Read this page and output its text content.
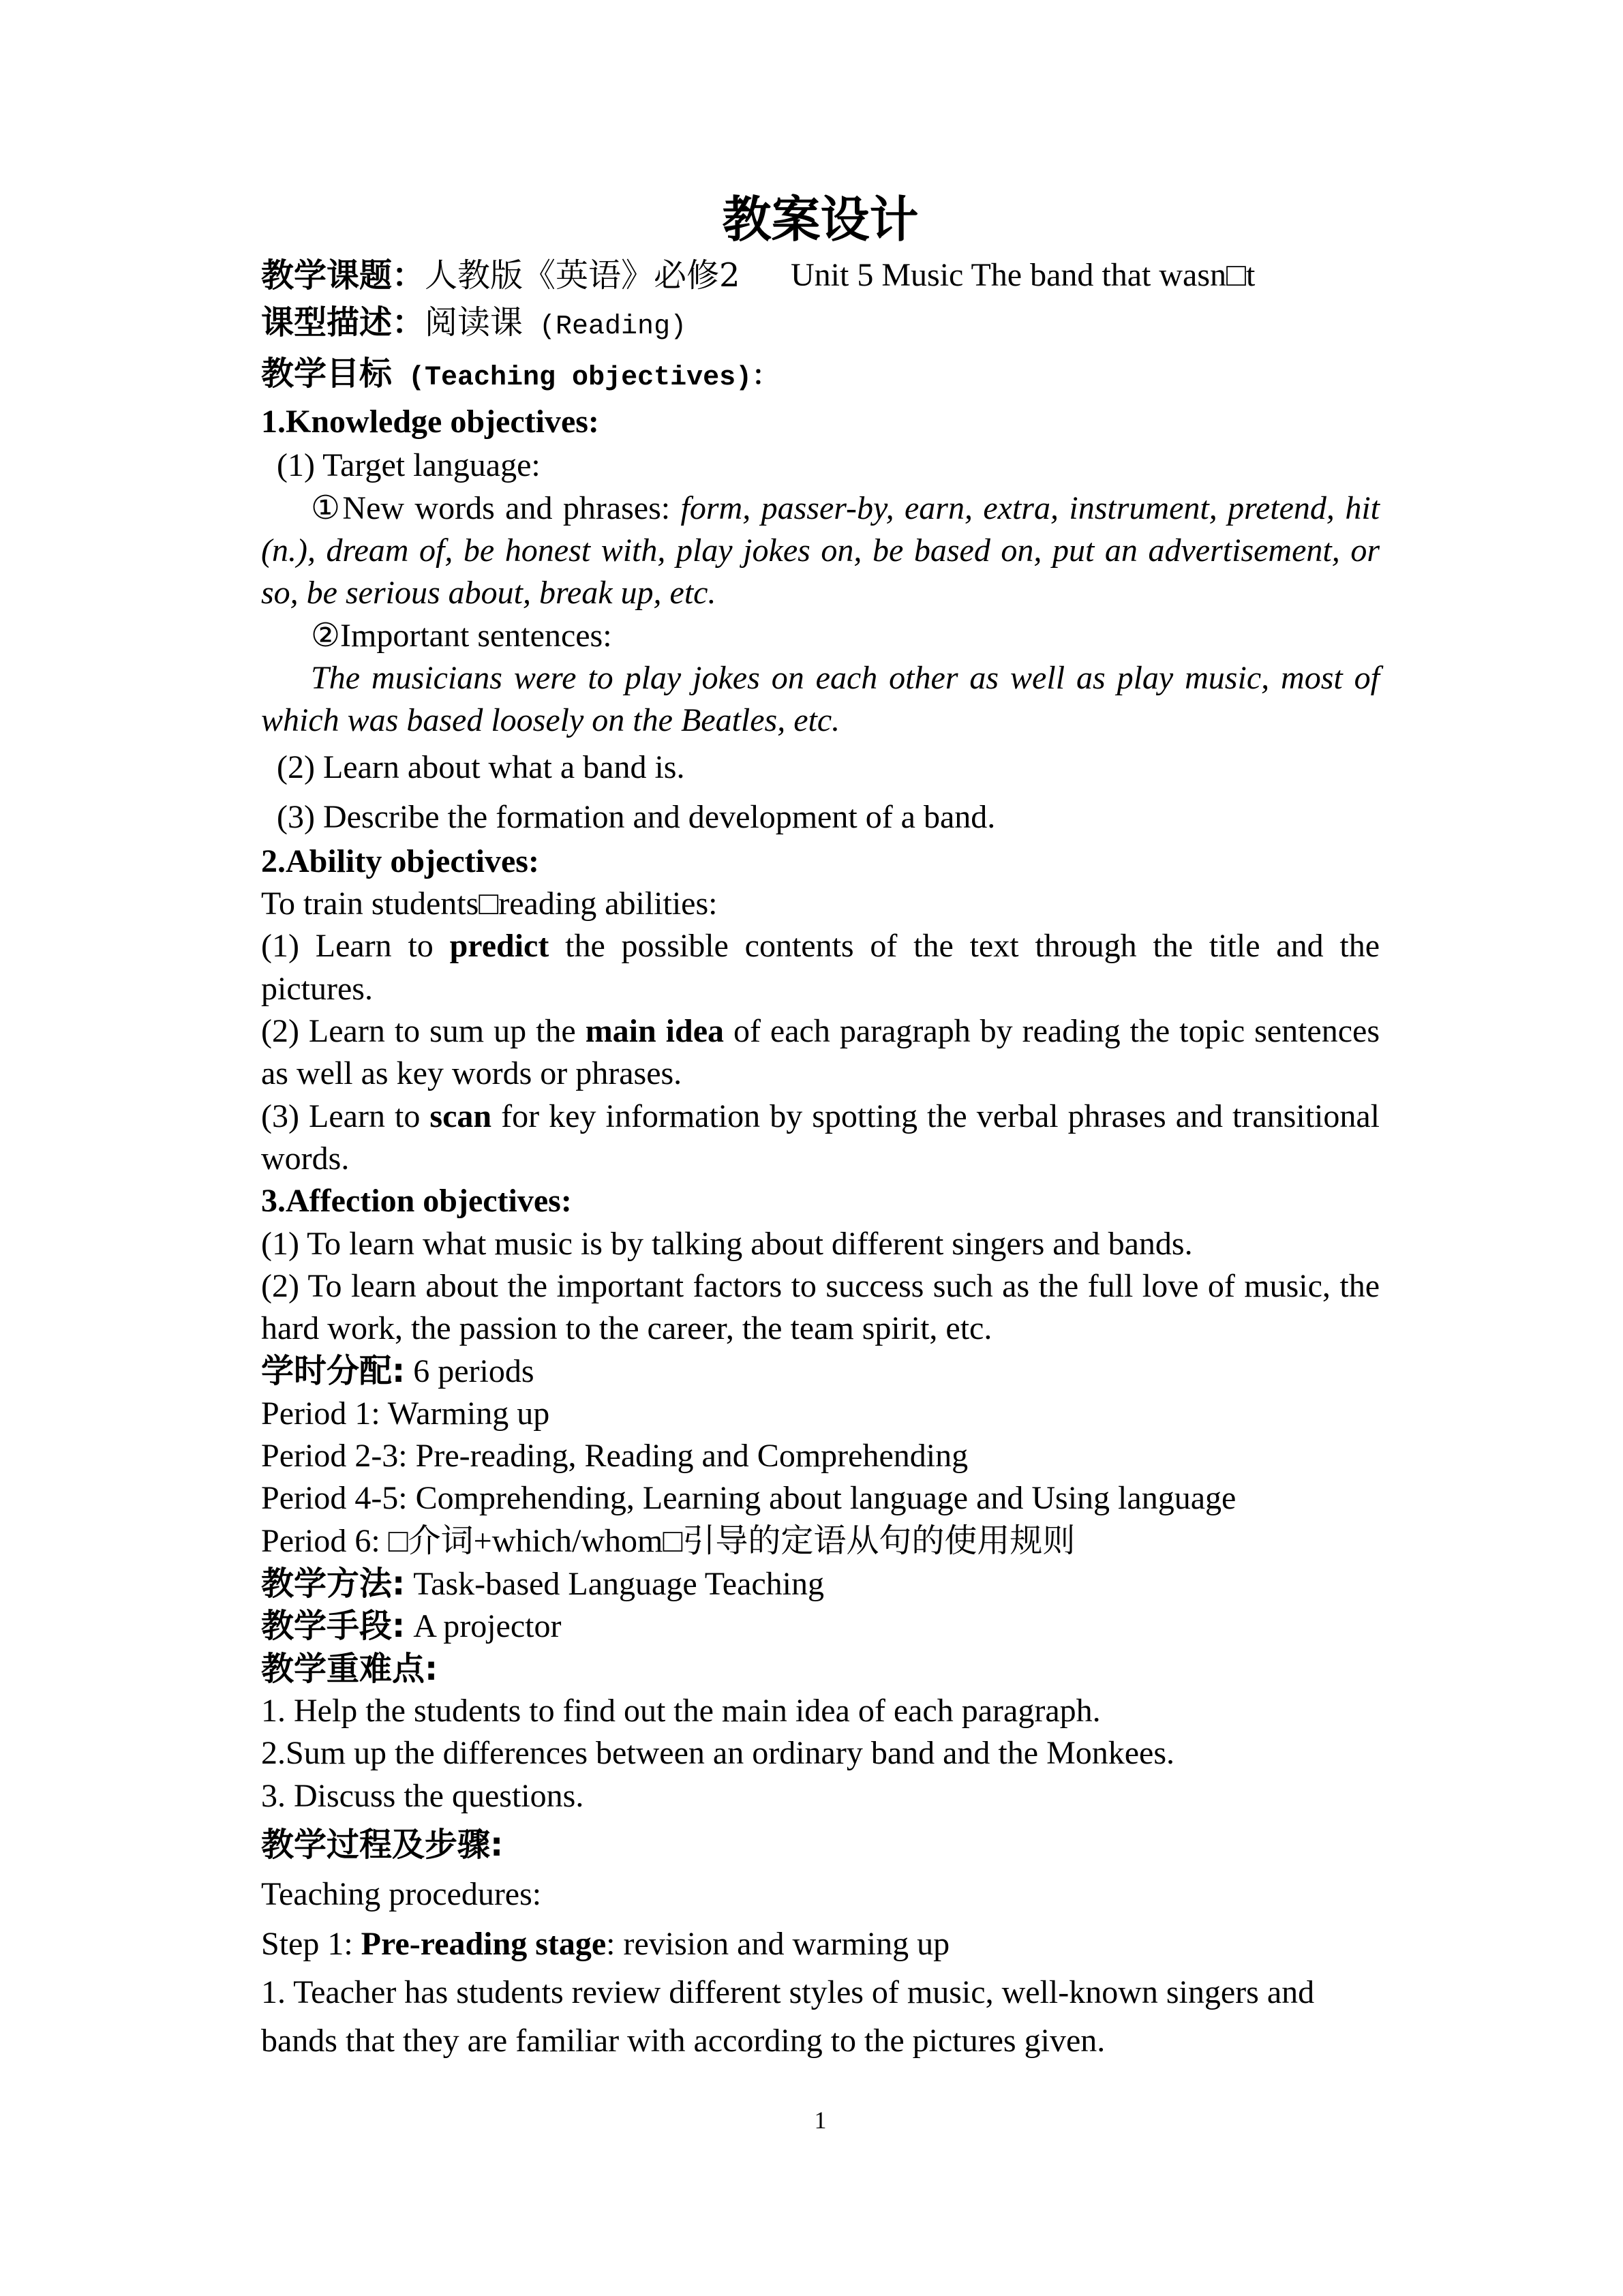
教案设计
教学课题：人教版《英语》必修2 Unit 5 Music The band that wasn□t
课型描述：阅读课 (Reading)
教学目标 (Teaching objectives)：
1.Knowledge objectives:
(1) Target language:
①New words and phrases: form, passer-by, earn, extra, instrument, pretend, hit
(n.), dream of, be honest with, play jokes on, be based on, put an advertisement, or
so, be serious about, break up, etc.
②Important sentences:
The musicians were to play jokes on each other as well as play music, most of
which was based loosely on the Beatles, etc.
(2) Learn about what a band is.
(3) Describe the formation and development of a band.
2.Ability objectives:
To train students□reading abilities:
(1) Learn to predict the possible contents of the text through the title and the
pictures.
(2) Learn to sum up the main idea of each paragraph by reading the topic sentences
as well as key words or phrases.
(3) Learn to scan for key information by spotting the verbal phrases and transitional
words.
3.Affection objectives:
(1) To learn what music is by talking about different singers and bands.
(2) To learn about the important factors to success such as the full love of music, the
hard work, the passion to the career, the team spirit, etc.
学时分配: 6 periods
Period 1: Warming up
Period 2-3: Pre-reading, Reading and Comprehending
Period 4-5: Comprehending, Learning about language and Using language
Period 6: □介词+which/whom□引导的定语从句的使用规则
教学方法: Task-based Language Teaching
教学手段: A projector
教学重难点:
1. Help the students to find out the main idea of each paragraph.
2.Sum up the differences between an ordinary band and the Monkees.
3. Discuss the questions.
教学过程及步骤:
Teaching procedures:
Step 1: Pre-reading stage: revision and warming up
1. Teacher has students review different styles of music, well-known singers and
bands that they are familiar with according to the pictures given.
1
